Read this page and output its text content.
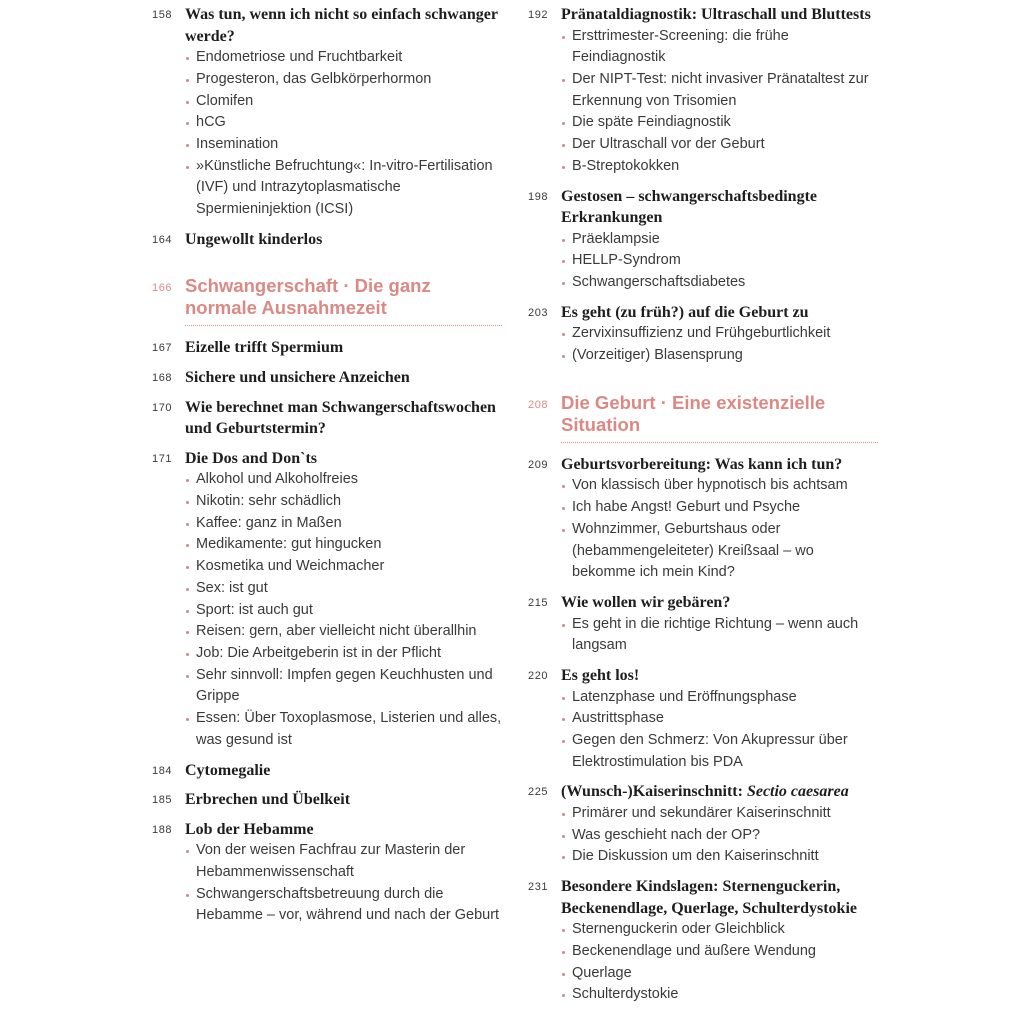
158 Was tun, wenn ich nicht so einfach schwanger werde?
Endometriose und Fruchtbarkeit
Progesteron, das Gelbkörperhormon
Clomifen
hCG
Insemination
»Künstliche Befruchtung«: In-vitro-Fertilisation (IVF) und Intrazytoplasmatische Spermieninjektion (ICSI)
164 Ungewollt kinderlos
166 Schwangerschaft · Die ganz normale Ausnahmezeit
167 Eizelle trifft Spermium
168 Sichere und unsichere Anzeichen
170 Wie berechnet man Schwangerschaftswochen und Geburtstermin?
171 Die Dos and Don`ts
Alkohol und Alkoholfreies
Nikotin: sehr schädlich
Kaffee: ganz in Maßen
Medikamente: gut hingucken
Kosmetika und Weichmacher
Sex: ist gut
Sport: ist auch gut
Reisen: gern, aber vielleicht nicht überallhin
Job: Die Arbeitgeberin ist in der Pflicht
Sehr sinnvoll: Impfen gegen Keuchhusten und Grippe
Essen: Über Toxoplasmose, Listerien und alles, was gesund ist
184 Cytomegalie
185 Erbrechen und Übelkeit
188 Lob der Hebamme
Von der weisen Fachfrau zur Masterin der Hebammenwissenschaft
Schwangerschaftsbetreuung durch die Hebamme – vor, während und nach der Geburt
192 Pränataldiagnostik: Ultraschall und Bluttests
Ersttrimester-Screening: die frühe Feindiagnostik
Der NIPT-Test: nicht invasiver Pränataltest zur Erkennung von Trisomien
Die späte Feindiagnostik
Der Ultraschall vor der Geburt
B-Streptokokken
198 Gestosen – schwangerschaftsbedingte Erkrankungen
Präeklampsie
HELLP-Syndrom
Schwangerschaftsdiabetes
203 Es geht (zu früh?) auf die Geburt zu
Zervixinsuffizienz und Frühgeburtlichkeit
(Vorzeitiger) Blasensprung
208 Die Geburt · Eine existenzielle Situation
209 Geburtsvorbereitung: Was kann ich tun?
Von klassisch über hypnotisch bis achtsam
Ich habe Angst! Geburt und Psyche
Wohnzimmer, Geburtshaus oder (hebammengeleiteter) Kreißsaal – wo bekomme ich mein Kind?
215 Wie wollen wir gebären?
Es geht in die richtige Richtung – wenn auch langsam
220 Es geht los!
Latenzphase und Eröffnungsphase
Austrittsphase
Gegen den Schmerz: Von Akupressur über Elektrostimulation bis PDA
225 (Wunsch-)Kaiserinschnitt: Sectio caesarea
Primärer und sekundärer Kaiserinschnitt
Was geschieht nach der OP?
Die Diskussion um den Kaiserinschnitt
231 Besondere Kindslagen: Sternenguckerin, Beckenendlage, Querlage, Schulterdystokie
Sternenguckerin oder Gleichblick
Beckenendlage und äußere Wendung
Querlage
Schulterdystokie
